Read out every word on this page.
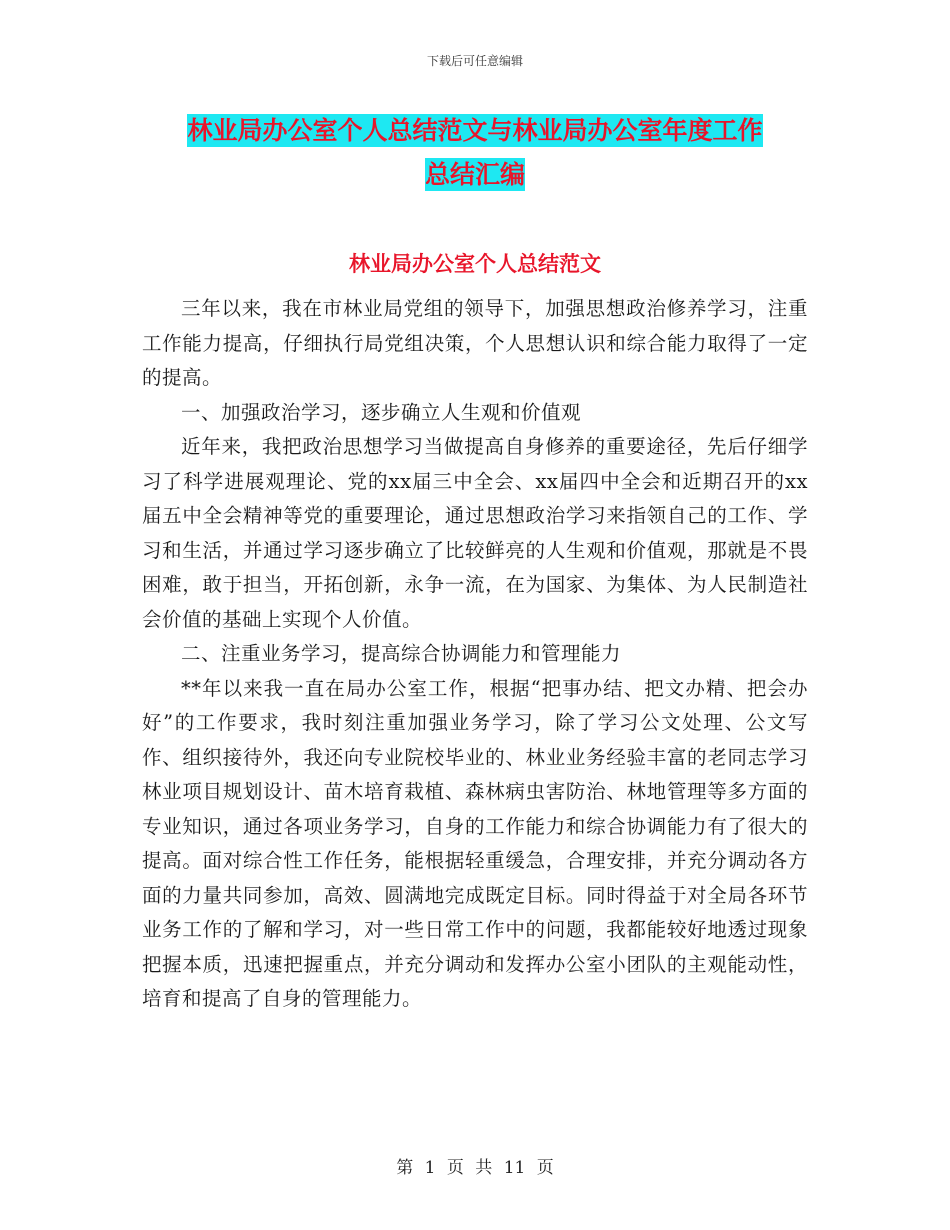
下载后可任意编辑
林业局办公室个人总结范文与林业局办公室年度工作
总结汇编
林业局办公室个人总结范文

三年以来，我在市林业局党组的领导下，加强思想政治修养学习，注重工作能力提高，仔细执行局党组决策，个人思想认识和综合能力取得了一定的提高。

一、加强政治学习，逐步确立人生观和价值观

近年来，我把政治思想学习当做提高自身修养的重要途径，先后仔细学习了科学进展观理论、党的xx届三中全会、xx届四中全会和近期召开的xx届五中全会精神等党的重要理论，通过思想政治学习来指领自己的工作、学习和生活，并通过学习逐步确立了比较鲜亮的人生观和价值观，那就是不畏困难，敢于担当，开拓创新，永争一流，在为国家、为集体、为人民制造社会价值的基础上实现个人价值。

二、注重业务学习，提高综合协调能力和管理能力

**年以来我一直在局办公室工作，根据“把事办结、把文办精、把会办好”的工作要求，我时刻注重加强业务学习，除了学习公文处理、公文写作、组织接待外，我还向专业院校毕业的、林业业务经验丰富的老同志学习林业项目规划设计、苗木培育栽植、森林病虫害防治、林地管理等多方面的专业知识，通过各项业务学习，自身的工作能力和综合协调能力有了很大的提高。面对综合性工作任务，能根据轻重缓急，合理安排，并充分调动各方面的力量共同参加，高效、圆满地完成既定目标。同时得益于对全局各环节业务工作的了解和学习，对一些日常工作中的问题，我都能较好地透过现象把握本质，迅速把握重点，并充分调动和发挥办公室小团队的主观能动性，培育和提高了自身的管理能力。

第 1 页 共 11 页
